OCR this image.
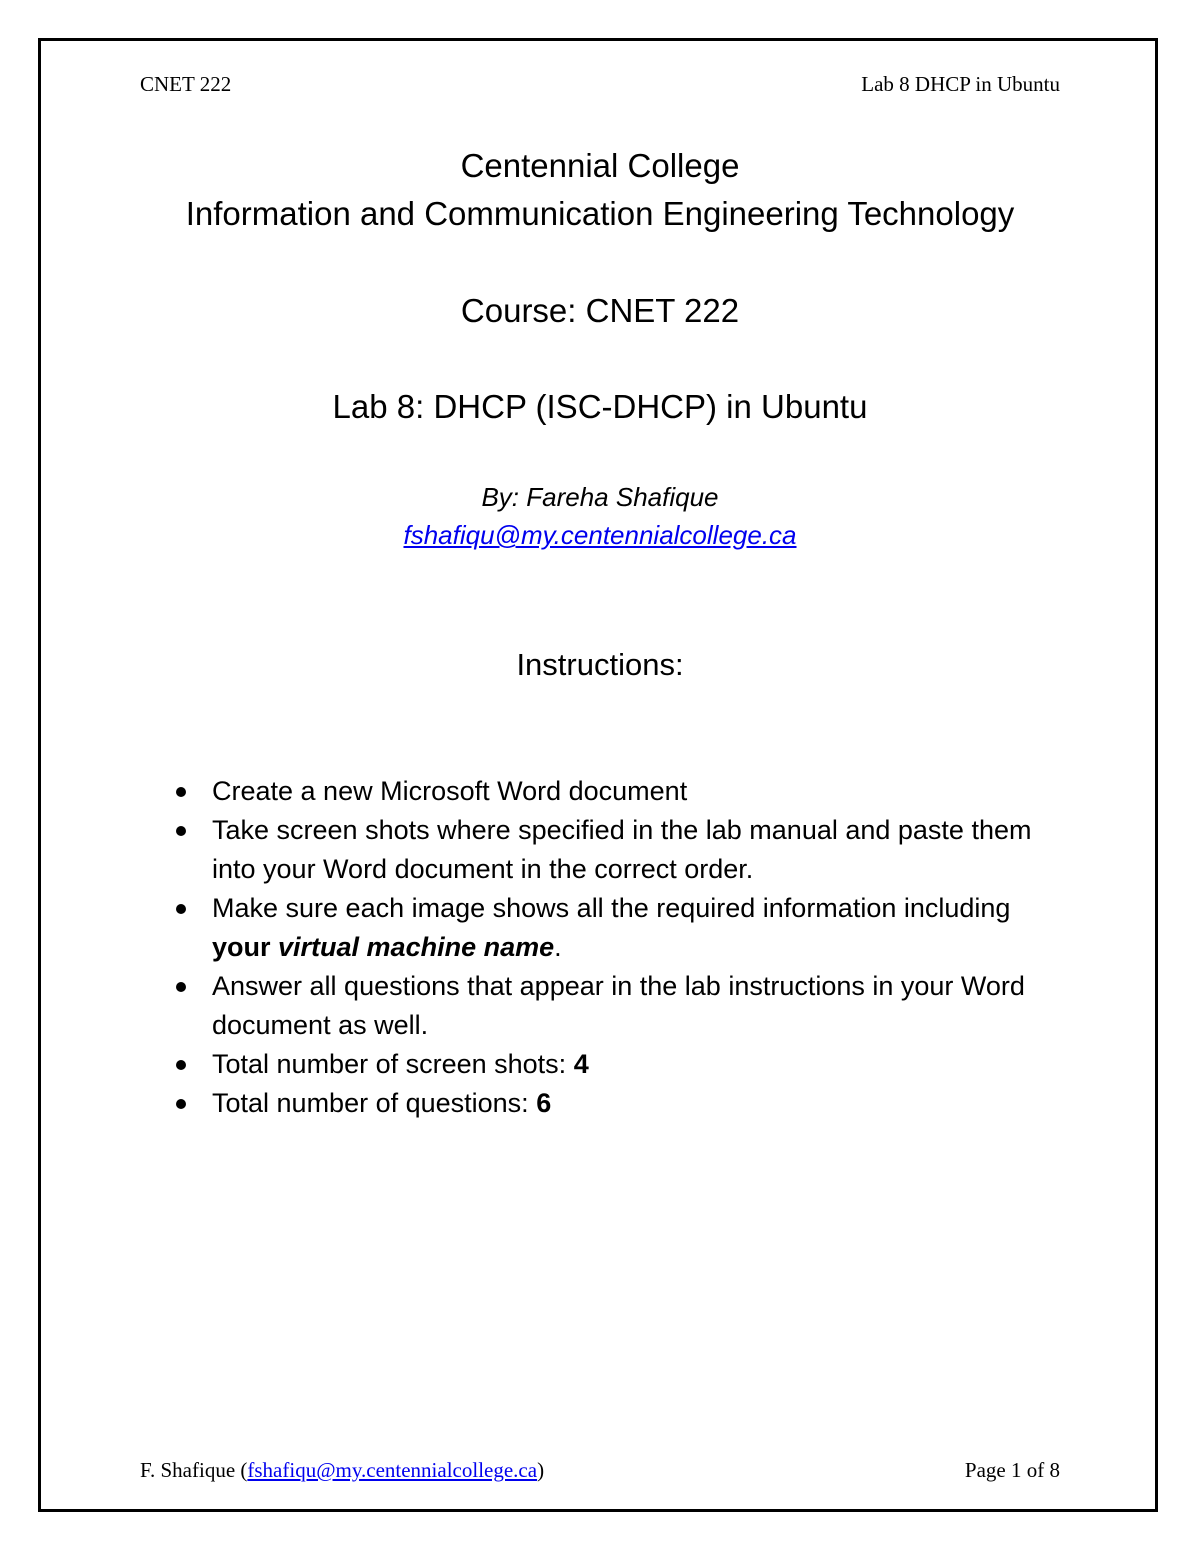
CNET 222	Lab 8 DHCP in Ubuntu
Centennial College
Information and Communication Engineering Technology
Course: CNET 222
Lab 8: DHCP (ISC-DHCP) in Ubuntu
By: Fareha Shafique
fshafiqu@my.centennialcollege.ca
Instructions:
Create a new Microsoft Word document
Take screen shots where specified in the lab manual and paste them into your Word document in the correct order.
Make sure each image shows all the required information including your virtual machine name.
Answer all questions that appear in the lab instructions in your Word document as well.
Total number of screen shots: 4
Total number of questions: 6
F. Shafique (fshafiqu@my.centennialcollege.ca)	Page 1 of 8
